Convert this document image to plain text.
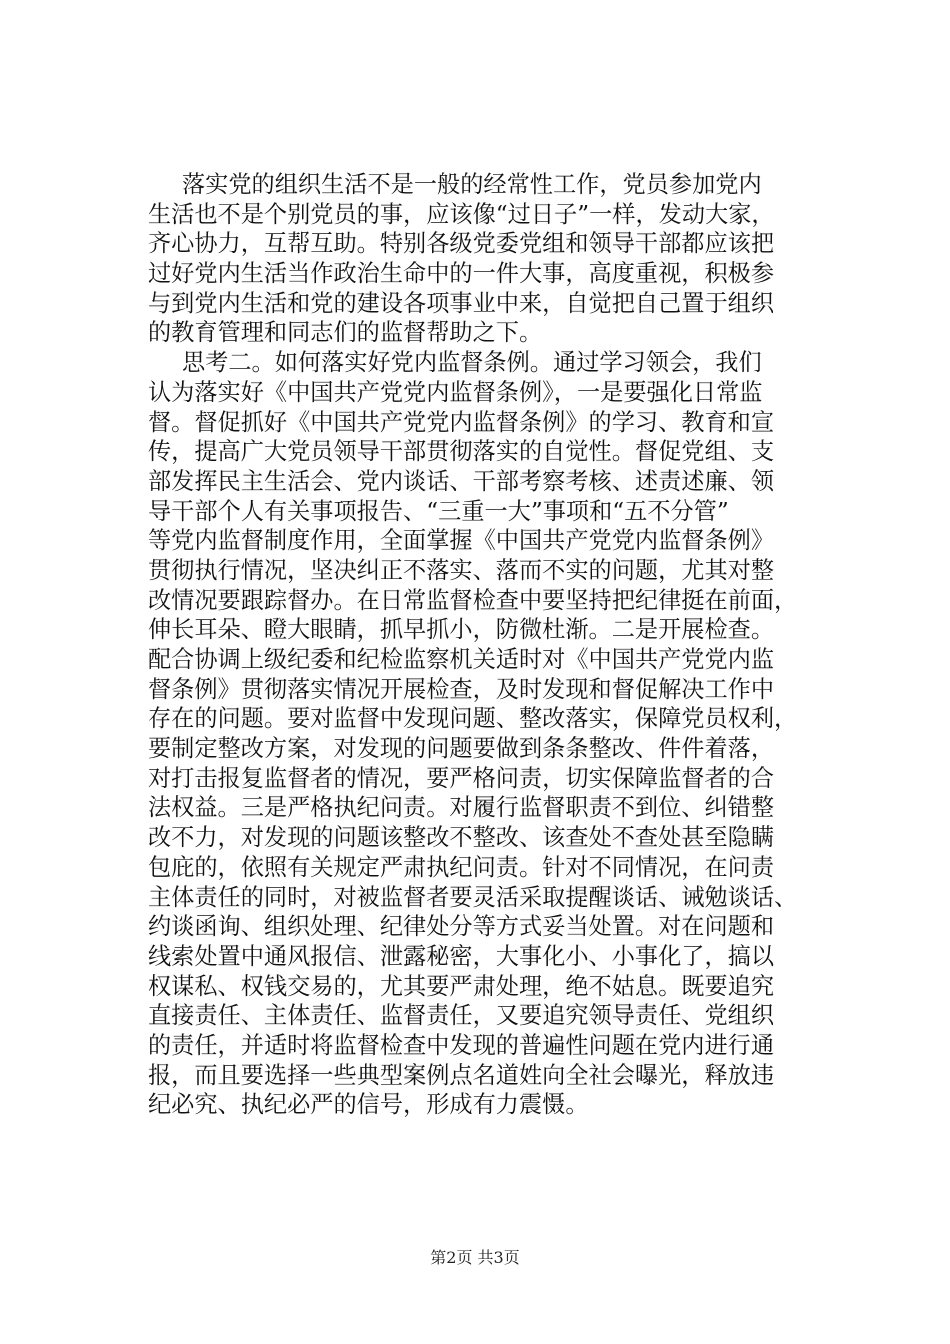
落实党的组织生活不是一般的经常性工作，党员参加党内
生活也不是个别党员的事，应该像“过日子”一样，发动大家，
齐心协力，互帮互助。特别各级党委党组和领导干部都应该把
过好党内生活当作政治生命中的一件大事，高度重视，积极参
与到党内生活和党的建设各项事业中来，自觉把自己置于组织
的教育管理和同志们的监督帮助之下。
思考二。如何落实好党内监督条例。通过学习领会，我们
认为落实好《中国共产党党内监督条例》，一是要强化日常监
督。督促抓好《中国共产党党内监督条例》的学习、教育和宣
传，提高广大党员领导干部贯彻落实的自觉性。督促党组、支
部发挥民主生活会、党内谈话、干部考察考核、述责述廉、领
导干部个人有关事项报告、“三重一大”事项和“五不分管”
等党内监督制度作用，全面掌握《中国共产党党内监督条例》
贯彻执行情况，坚决纠正不落实、落而不实的问题，尤其对整
改情况要跟踪督办。在日常监督检查中要坚持把纪律挺在前面，
伸长耳朵、瞪大眼睛，抓早抓小，防微杜渐。二是开展检查。
配合协调上级纪委和纪检监察机关适时对《中国共产党党内监
督条例》贯彻落实情况开展检查，及时发现和督促解决工作中
存在的问题。要对监督中发现问题、整改落实，保障党员权利，
要制定整改方案，对发现的问题要做到条条整改、件件着落，
对打击报复监督者的情况，要严格问责，切实保障监督者的合
法权益。三是严格执纪问责。对履行监督职责不到位、纠错整
改不力，对发现的问题该整改不整改、该查处不查处甚至隐瞒
包庇的，依照有关规定严肃执纪问责。针对不同情况，在问责
主体责任的同时，对被监督者要灵活采取提醒谈话、诫勉谈话、
约谈函询、组织处理、纪律处分等方式妥当处置。对在问题和
线索处置中通风报信、泄露秘密，大事化小、小事化了，搞以
权谋私、权钱交易的，尤其要严肃处理，绝不姑息。既要追究
直接责任、主体责任、监督责任，又要追究领导责任、党组织
的责任，并适时将监督检查中发现的普遍性问题在党内进行通
报，而且要选择一些典型案例点名道姓向全社会曝光，释放违
纪必究、执纪必严的信号，形成有力震慑。
第2页 共3页
